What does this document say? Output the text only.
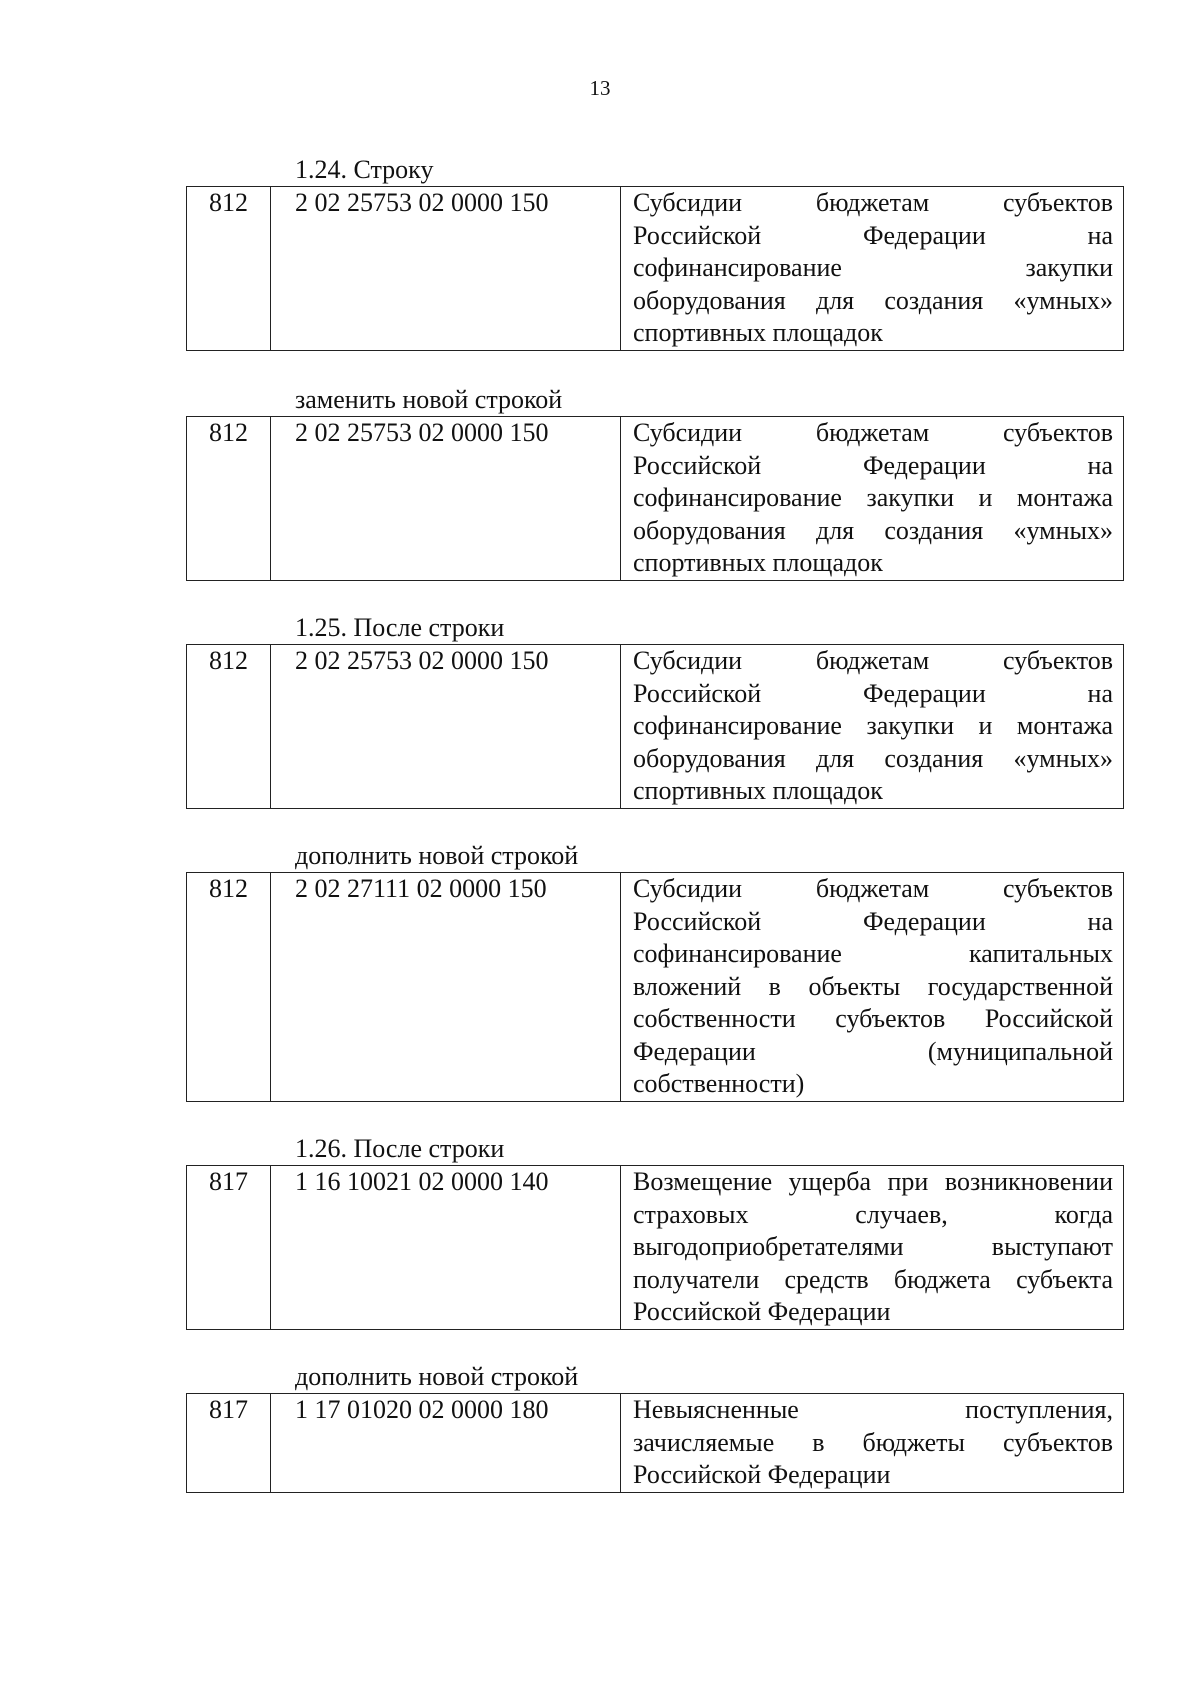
13
1.24. Строку
812	2 02 25753 02 0000 150	Субсидии бюджетам субъектов
Российской Федерации на
софинансирование закупки
оборудования для создания «умных»
спортивных площадок
заменить новой строкой
812	2 02 25753 02 0000 150	Субсидии бюджетам субъектов
Российской Федерации на
софинансирование закупки и монтажа
оборудования для создания «умных»
спортивных площадок
1.25. После строки
812	2 02 25753 02 0000 150	Субсидии бюджетам субъектов
Российской Федерации на
софинансирование закупки и монтажа
оборудования для создания «умных»
спортивных площадок
дополнить новой строкой
812	2 02 27111 02 0000 150	Субсидии бюджетам субъектов
Российской Федерации на
софинансирование капитальных
вложений в объекты государственной
собственности субъектов Российской
Федерации (муниципальной
собственности)
1.26. После строки
817	1 16 10021 02 0000 140	Возмещение ущерба при возникновении
страховых случаев, когда
выгодоприобретателями выступают
получатели средств бюджета субъекта
Российской Федерации
дополнить новой строкой
817	1 17 01020 02 0000 180	Невыясненные поступления,
зачисляемые в бюджеты субъектов
Российской Федерации
